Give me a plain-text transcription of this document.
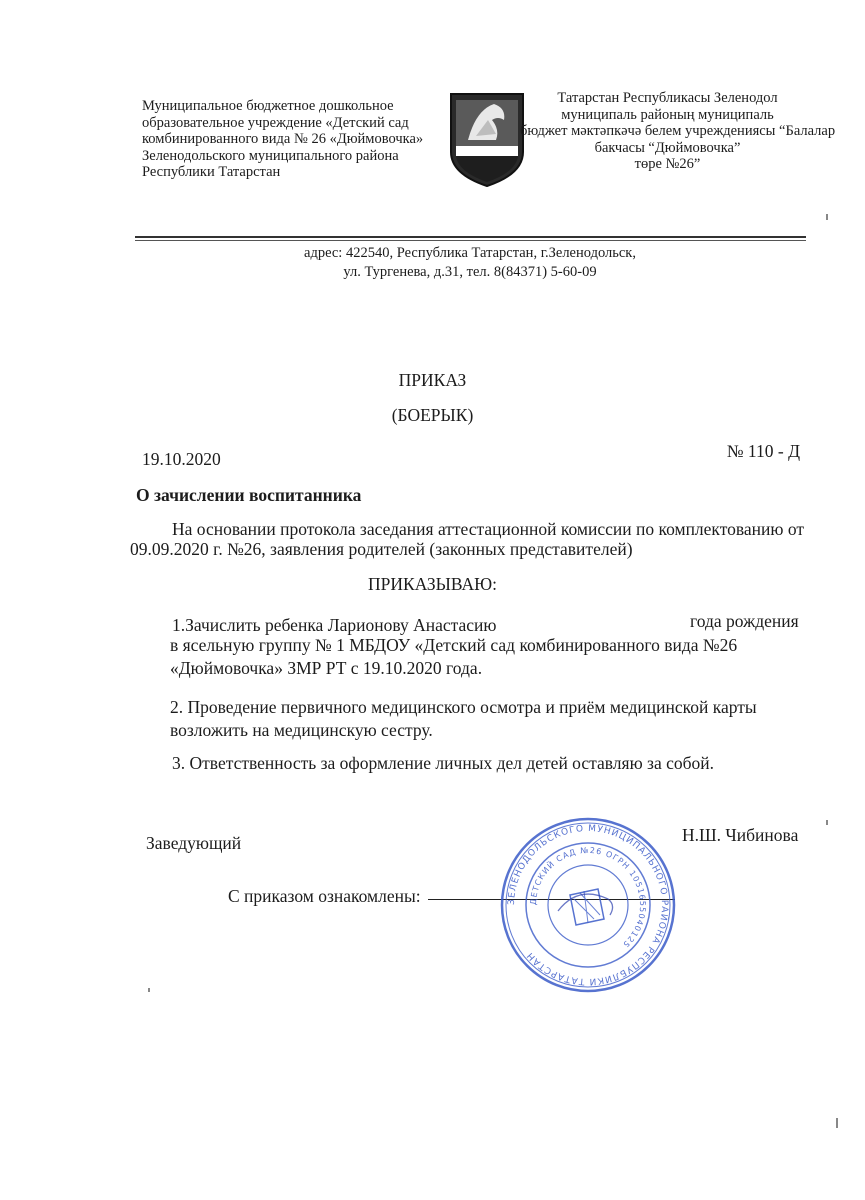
Муниципальное бюджетное дошкольное
образовательное учреждение «Детский сад
комбинированного вида № 26 «Дюймовочка»
Зеленодольского муниципального района
Республики Татарстан
Татарстан Республикасы Зеленодол
муниципаль районың муниципаль
бюджет мәктәпкәчә белем учреждениясы “Балалар
бакчасы “Дюймовочка”
төре №26”
адрес: 422540, Республика Татарстан, г.Зеленодольск,
ул. Тургенева, д.31, тел. 8(84371) 5-60-09
ПРИКАЗ
(БОЕРЫК)
19.10.2020	№ 110 - Д
О зачислении воспитанника
На основании протокола заседания аттестационной комиссии по комплектованию от
09.09.2020 г. №26, заявления родителей (законных представителей)
ПРИКАЗЫВАЮ:
1.Зачислить ребенка Ларионову Анастасию	года рождения
в ясельную группу № 1 МБДОУ «Детский сад комбинированного вида №26
«Дюймовочка» ЗМР РТ с 19.10.2020 года.
2. Проведение первичного медицинского осмотра и приём медицинской карты
возложить на медицинскую сестру.
3. Ответственность за оформление личных дел детей оставляю за собой.
Заведующий	Н.Ш. Чибинова
С приказом ознакомлены:	ЗЕЛЕНОДОЛЬСКОГО МУНИЦИПАЛЬНОГО РАЙОНА РЕСПУБЛИКИ ТАТАРСТАН
ДЕТСКИЙ САД №26 ОГРН 1051655040125
